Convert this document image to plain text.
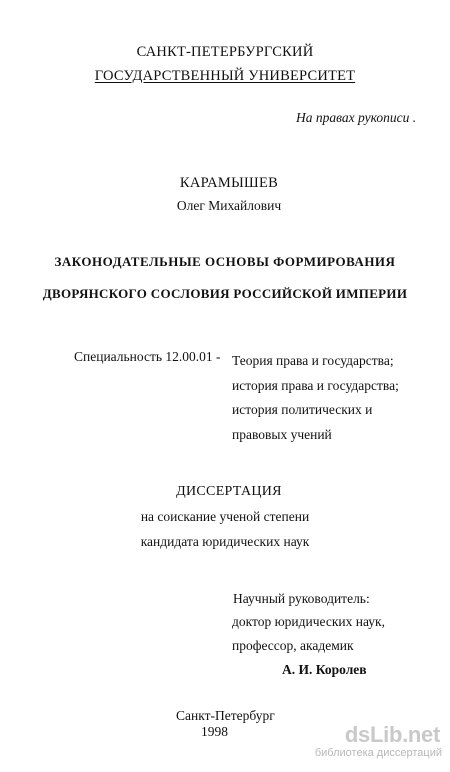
САНКТ-ПЕТЕРБУРГСКИЙ
ГОСУДАРСТВЕННЫЙ УНИВЕРСИТЕТ
На правах рукописи .
КАРАМЫШЕВ
Олег Михайлович
ЗАКОНОДАТЕЛЬНЫЕ ОСНОВЫ ФОРМИРОВАНИЯ
ДВОРЯНСКОГО СОСЛОВИЯ РОССИЙСКОЙ ИМПЕРИИ
Специальность 12.00.01 - Теория права и государства;
история права и государства;
история политических и
правовых учений
ДИССЕРТАЦИЯ
на соискание ученой степени
кандидата юридических наук
Научный руководитель:
доктор юридических наук,
профессор, академик
А. И. Королев
Санкт-Петербург
1998	dsLib.net
библиотека диссертаций
